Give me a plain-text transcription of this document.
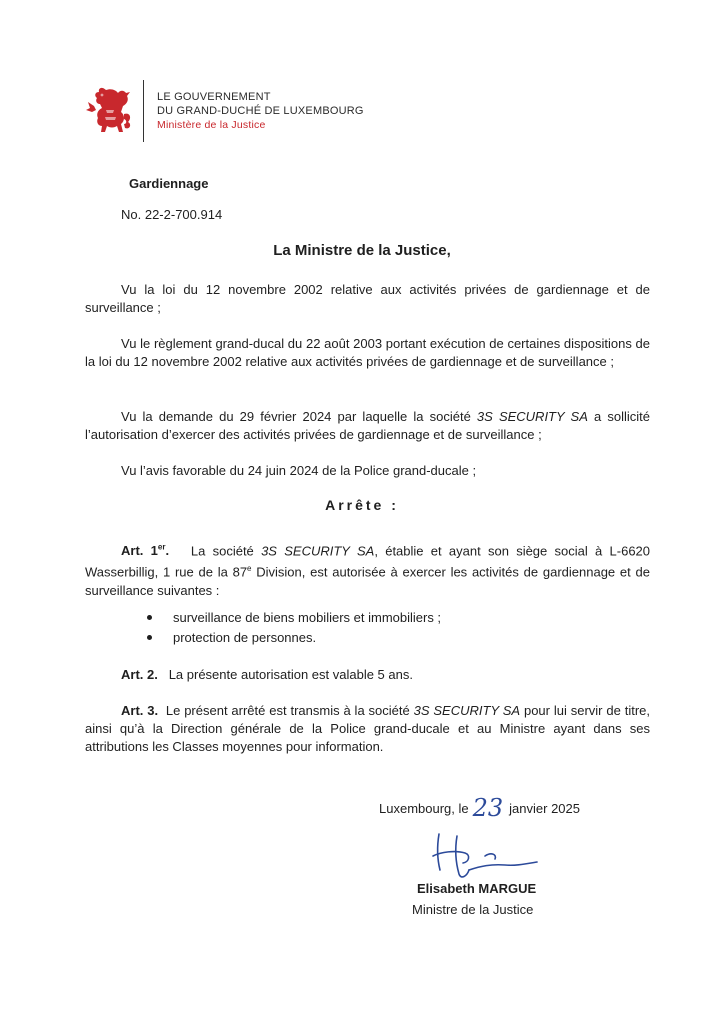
LE GOUVERNEMENT
DU GRAND-DUCHÉ DE LUXEMBOURG
Ministère de la Justice
Gardiennage
No. 22-2-700.914
La Ministre de la Justice,
Vu la loi du 12 novembre 2002 relative aux activités privées de gardiennage et de surveillance ;
Vu le règlement grand-ducal du 22 août 2003 portant exécution de certaines dispositions de la loi du 12 novembre 2002 relative aux activités privées de gardiennage et de surveillance ;
Vu la demande du 29 février 2024 par laquelle la société 3S SECURITY SA a sollicité l’autorisation d’exercer des activités privées de gardiennage et de surveillance ;
Vu l’avis favorable du 24 juin 2024 de la Police grand-ducale ;
Arrête :
Art. 1er. La société 3S SECURITY SA, établie et ayant son siège social à L-6620 Wasserbillig, 1 rue de la 87e Division, est autorisée à exercer les activités de gardiennage et de surveillance suivantes :
surveillance de biens mobiliers et immobiliers ;
protection de personnes.
Art. 2. La présente autorisation est valable 5 ans.
Art. 3. Le présent arrêté est transmis à la société 3S SECURITY SA pour lui servir de titre, ainsi qu’à la Direction générale de la Police grand-ducale et au Ministre ayant dans ses attributions les Classes moyennes pour information.
Luxembourg, le 23 janvier 2025
Elisabeth MARGUE
Ministre de la Justice
